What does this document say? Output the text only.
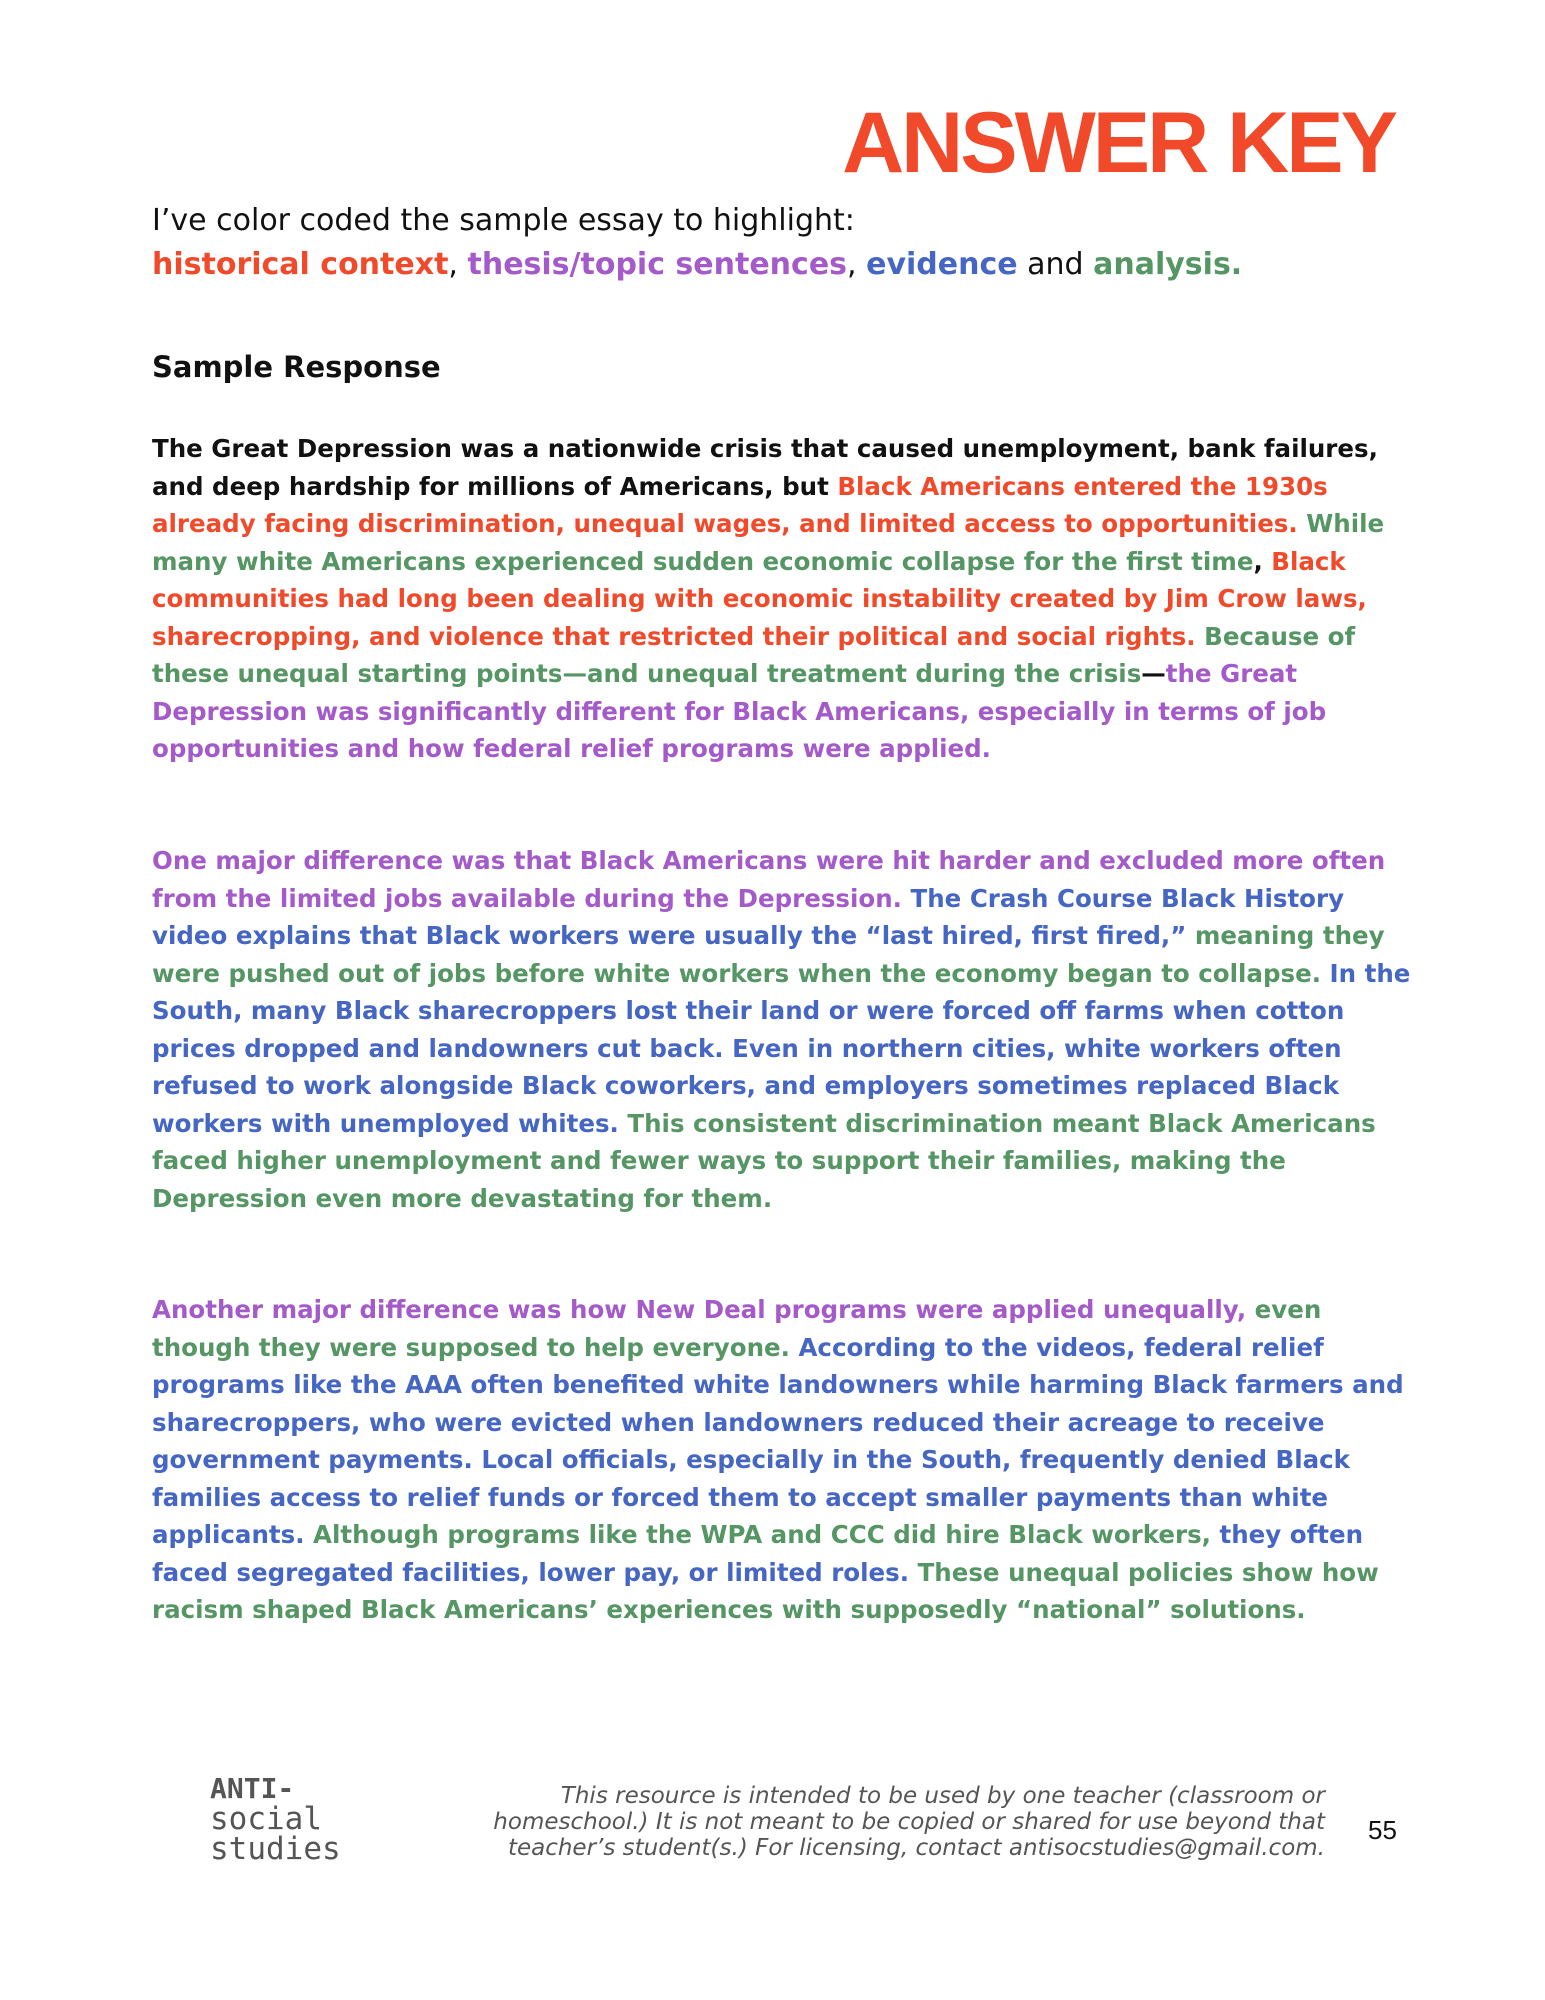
ANSWER KEY
I’ve color coded the sample essay to highlight:
historical context, thesis/topic sentences, evidence and analysis.
Sample Response

The Great Depression was a nationwide crisis that caused unemployment, bank failures, and deep hardship for millions of Americans, but Black Americans entered the 1930s already facing discrimination, unequal wages, and limited access to opportunities. While many white Americans experienced sudden economic collapse for the first time, Black communities had long been dealing with economic instability created by Jim Crow laws, sharecropping, and violence that restricted their political and social rights. Because of these unequal starting points—and unequal treatment during the crisis—the Great Depression was significantly different for Black Americans, especially in terms of job opportunities and how federal relief programs were applied.

One major difference was that Black Americans were hit harder and excluded more often from the limited jobs available during the Depression. The Crash Course Black History video explains that Black workers were usually the “last hired, first fired,” meaning they were pushed out of jobs before white workers when the economy began to collapse. In the South, many Black sharecroppers lost their land or were forced off farms when cotton prices dropped and landowners cut back. Even in northern cities, white workers often refused to work alongside Black coworkers, and employers sometimes replaced Black workers with unemployed whites. This consistent discrimination meant Black Americans faced higher unemployment and fewer ways to support their families, making the Depression even more devastating for them.

Another major difference was how New Deal programs were applied unequally, even though they were supposed to help everyone. According to the videos, federal relief programs like the AAA often benefited white landowners while harming Black farmers and sharecroppers, who were evicted when landowners reduced their acreage to receive government payments. Local officials, especially in the South, frequently denied Black families access to relief funds or forced them to accept smaller payments than white applicants. Although programs like the WPA and CCC did hire Black workers, they often faced segregated facilities, lower pay, or limited roles. These unequal policies show how racism shaped Black Americans’ experiences with supposedly “national” solutions.

ANTI-
social
studies
This resource is intended to be used by one teacher (classroom or
homeschool.) It is not meant to be copied or shared for use beyond that
teacher’s student(s.) For licensing, contact antisocstudies@gmail.com.
55
